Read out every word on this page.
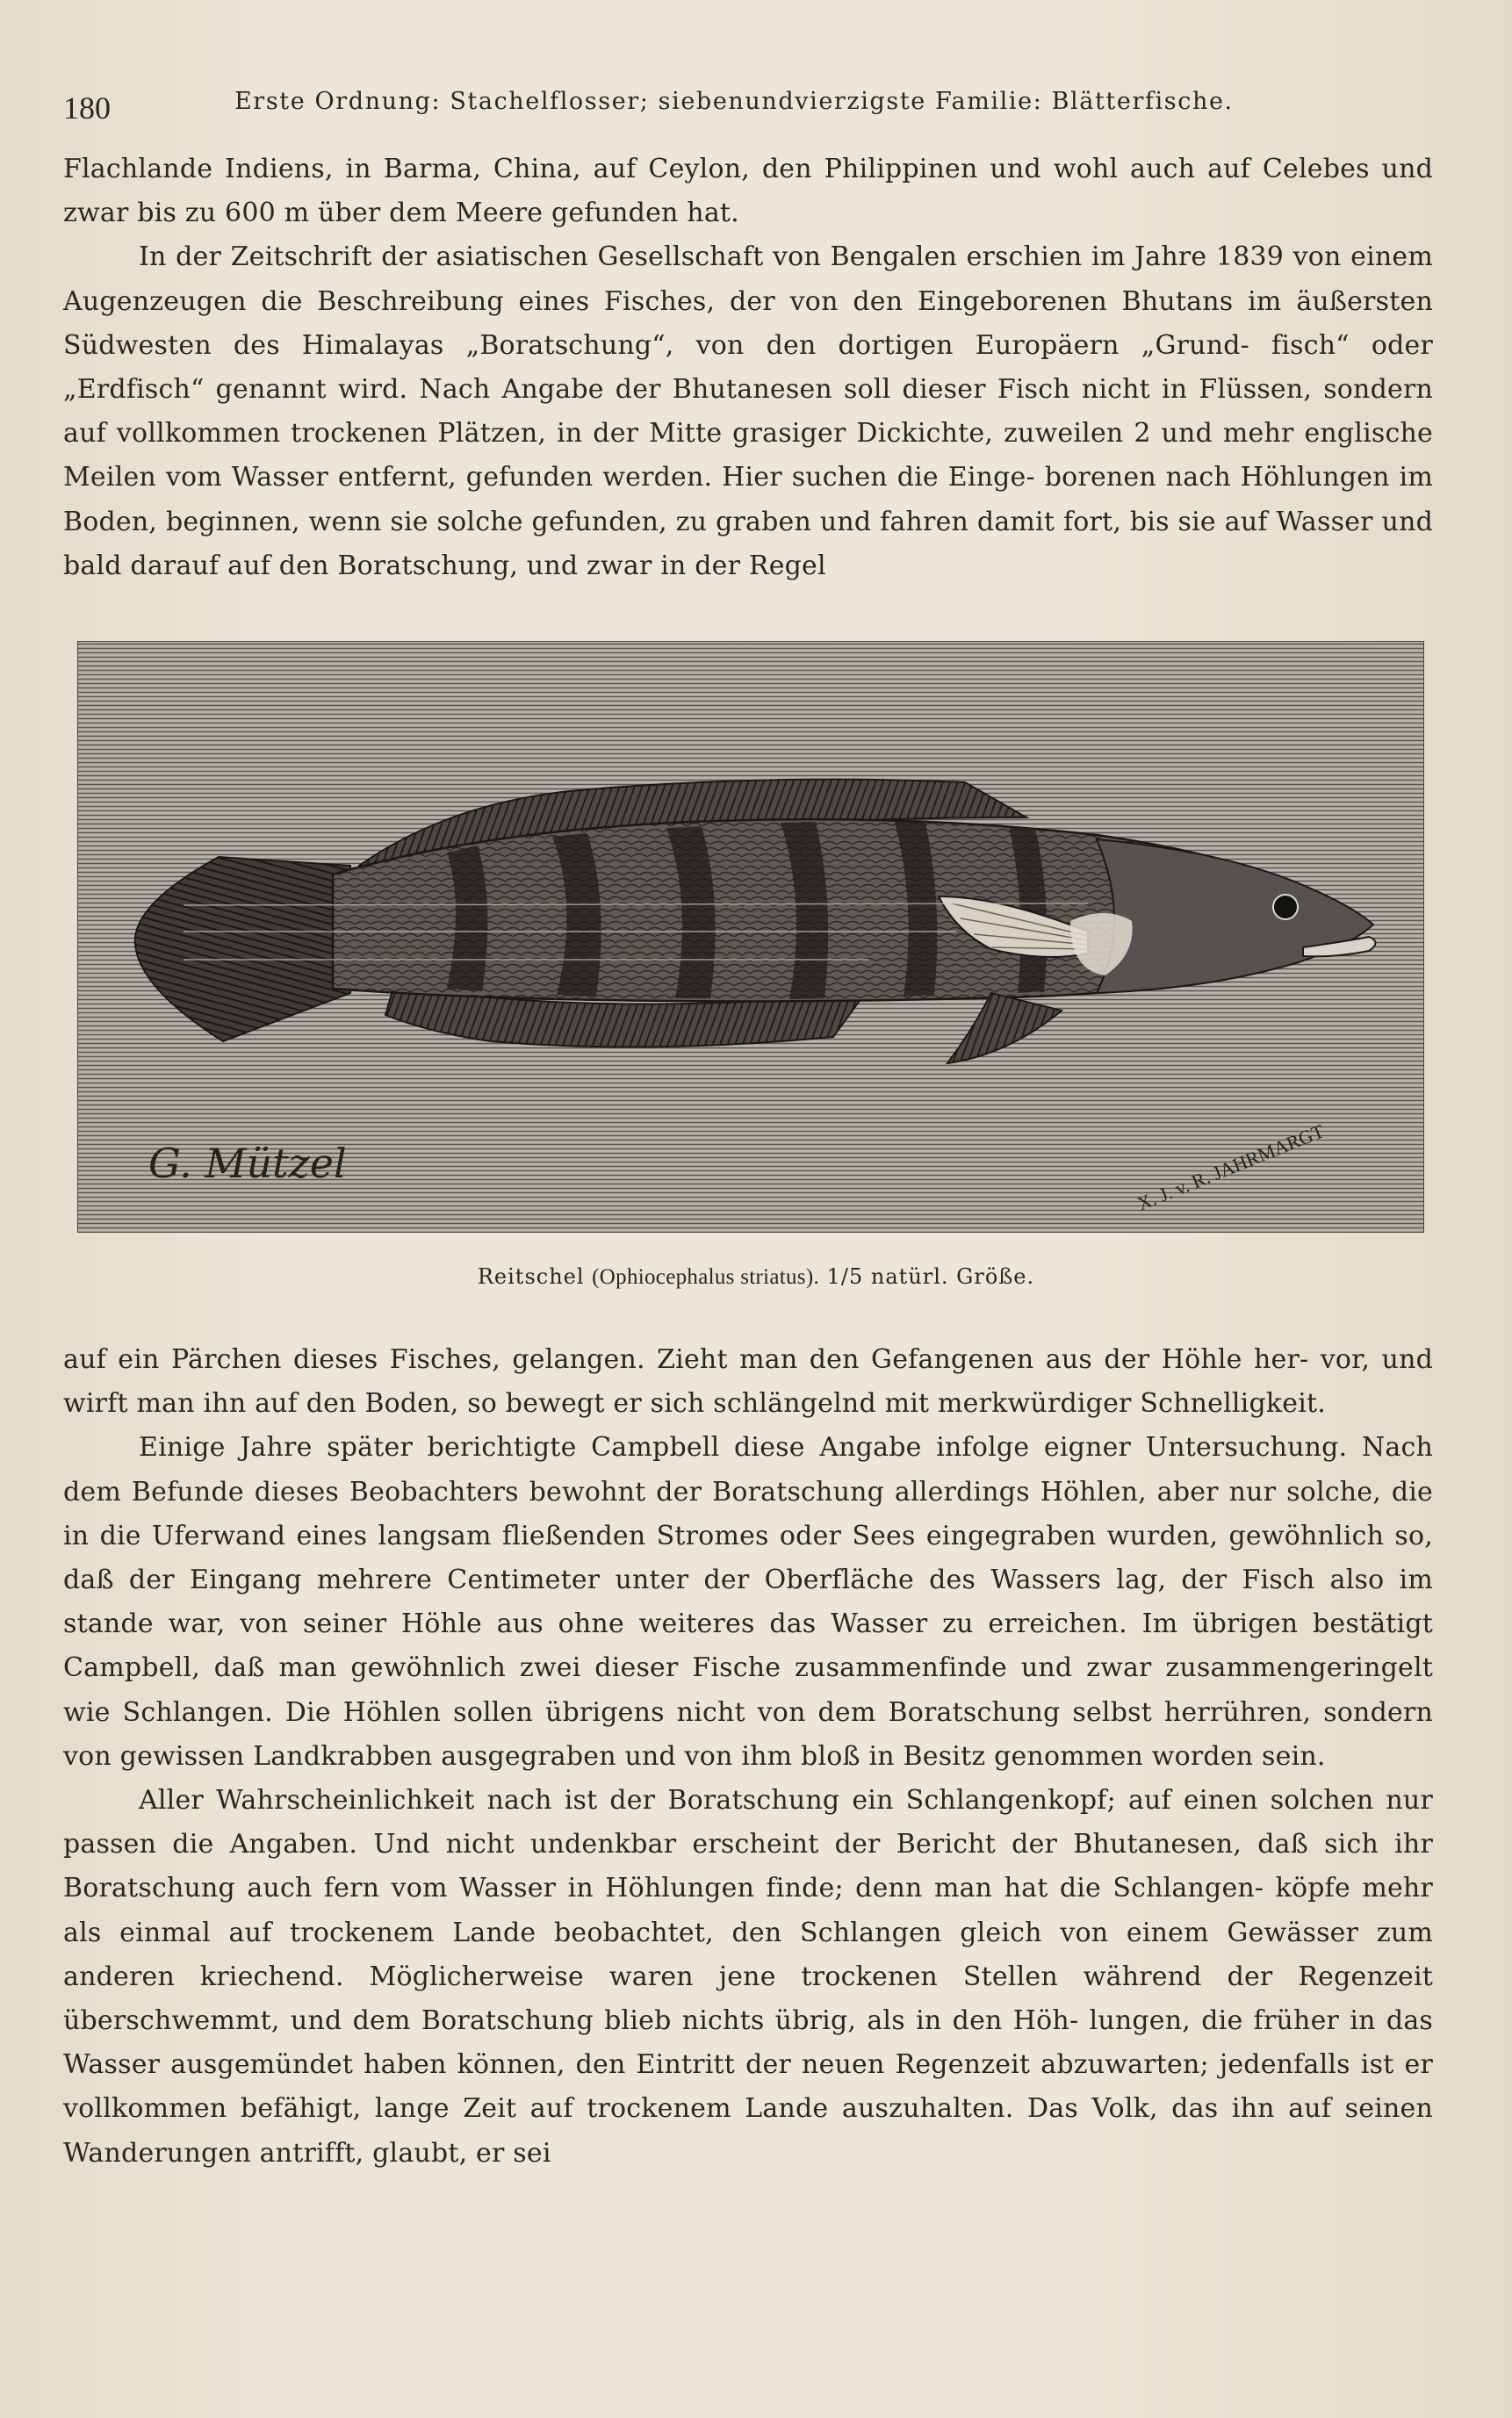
180	Erste Ordnung: Stachelflosser; siebenundvierzigste Familie: Blätterfische.

Flachlande Indiens, in Barma, China, auf Ceylon, den Philippinen und wohl auch auf Celebes und zwar bis zu 600 m über dem Meere gefunden hat.

In der Zeitschrift der asiatischen Gesellschaft von Bengalen erschien im Jahre 1839 von einem Augenzeugen die Beschreibung eines Fisches, der von den Eingeborenen Bhutans im äußersten Südwesten des Himalayas „Boratschung“, von den dortigen Europäern „Grund- fisch“ oder „Erdfisch“ genannt wird. Nach Angabe der Bhutanesen soll dieser Fisch nicht in Flüssen, sondern auf vollkommen trockenen Plätzen, in der Mitte grasiger Dickichte, zuweilen 2 und mehr englische Meilen vom Wasser entfernt, gefunden werden. Hier suchen die Einge- borenen nach Höhlungen im Boden, beginnen, wenn sie solche gefunden, zu graben und fahren damit fort, bis sie auf Wasser und bald darauf auf den Boratschung, und zwar in der Regel

G. Mützel	X. J. v. R. JAHRMARGT
Reitschel (Ophiocephalus striatus). 1/5 natürl. Größe.

auf ein Pärchen dieses Fisches, gelangen. Zieht man den Gefangenen aus der Höhle her- vor, und wirft man ihn auf den Boden, so bewegt er sich schlängelnd mit merkwürdiger Schnelligkeit.

Einige Jahre später berichtigte Campbell diese Angabe infolge eigner Untersuchung. Nach dem Befunde dieses Beobachters bewohnt der Boratschung allerdings Höhlen, aber nur solche, die in die Uferwand eines langsam fließenden Stromes oder Sees eingegraben wurden, gewöhnlich so, daß der Eingang mehrere Centimeter unter der Oberfläche des Wassers lag, der Fisch also im stande war, von seiner Höhle aus ohne weiteres das Wasser zu erreichen. Im übrigen bestätigt Campbell, daß man gewöhnlich zwei dieser Fische zusammenfinde und zwar zusammengeringelt wie Schlangen. Die Höhlen sollen übrigens nicht von dem Boratschung selbst herrühren, sondern von gewissen Landkrabben ausgegraben und von ihm bloß in Besitz genommen worden sein.

Aller Wahrscheinlichkeit nach ist der Boratschung ein Schlangenkopf; auf einen solchen nur passen die Angaben. Und nicht undenkbar erscheint der Bericht der Bhutanesen, daß sich ihr Boratschung auch fern vom Wasser in Höhlungen finde; denn man hat die Schlangen- köpfe mehr als einmal auf trockenem Lande beobachtet, den Schlangen gleich von einem Gewässer zum anderen kriechend. Möglicherweise waren jene trockenen Stellen während der Regenzeit überschwemmt, und dem Boratschung blieb nichts übrig, als in den Höh- lungen, die früher in das Wasser ausgemündet haben können, den Eintritt der neuen Regenzeit abzuwarten; jedenfalls ist er vollkommen befähigt, lange Zeit auf trockenem Lande auszuhalten. Das Volk, das ihn auf seinen Wanderungen antrifft, glaubt, er sei
